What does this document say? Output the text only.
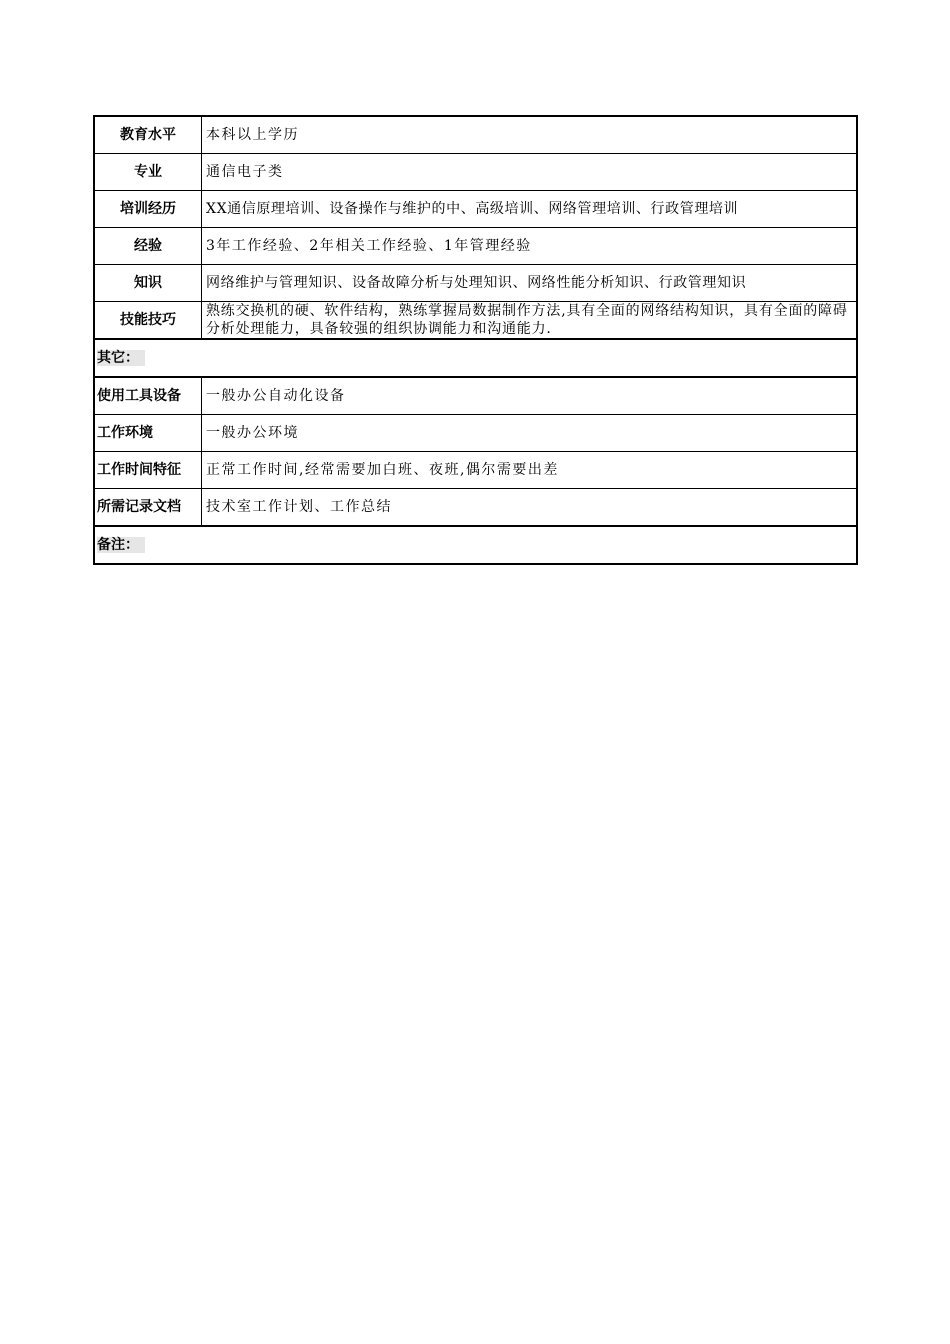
教育水平	本科以上学历
专业	通信电子类
培训经历	XX通信原理培训、设备操作与维护的中、高级培训、网络管理培训、行政管理培训
经验	3年工作经验、2年相关工作经验、1年管理经验
知识	网络维护与管理知识、设备故障分析与处理知识、网络性能分析知识、行政管理知识
技能技巧	熟练交换机的硬、软件结构，熟练掌握局数据制作方法,具有全面的网络结构知识，具有全面的障碍分析处理能力，具备较强的组织协调能力和沟通能力.
其它：	
使用工具设备	一般办公自动化设备
工作环境	一般办公环境
工作时间特征	正常工作时间,经常需要加白班、夜班,偶尔需要出差
所需记录文档	技术室工作计划、工作总结
备注：	
